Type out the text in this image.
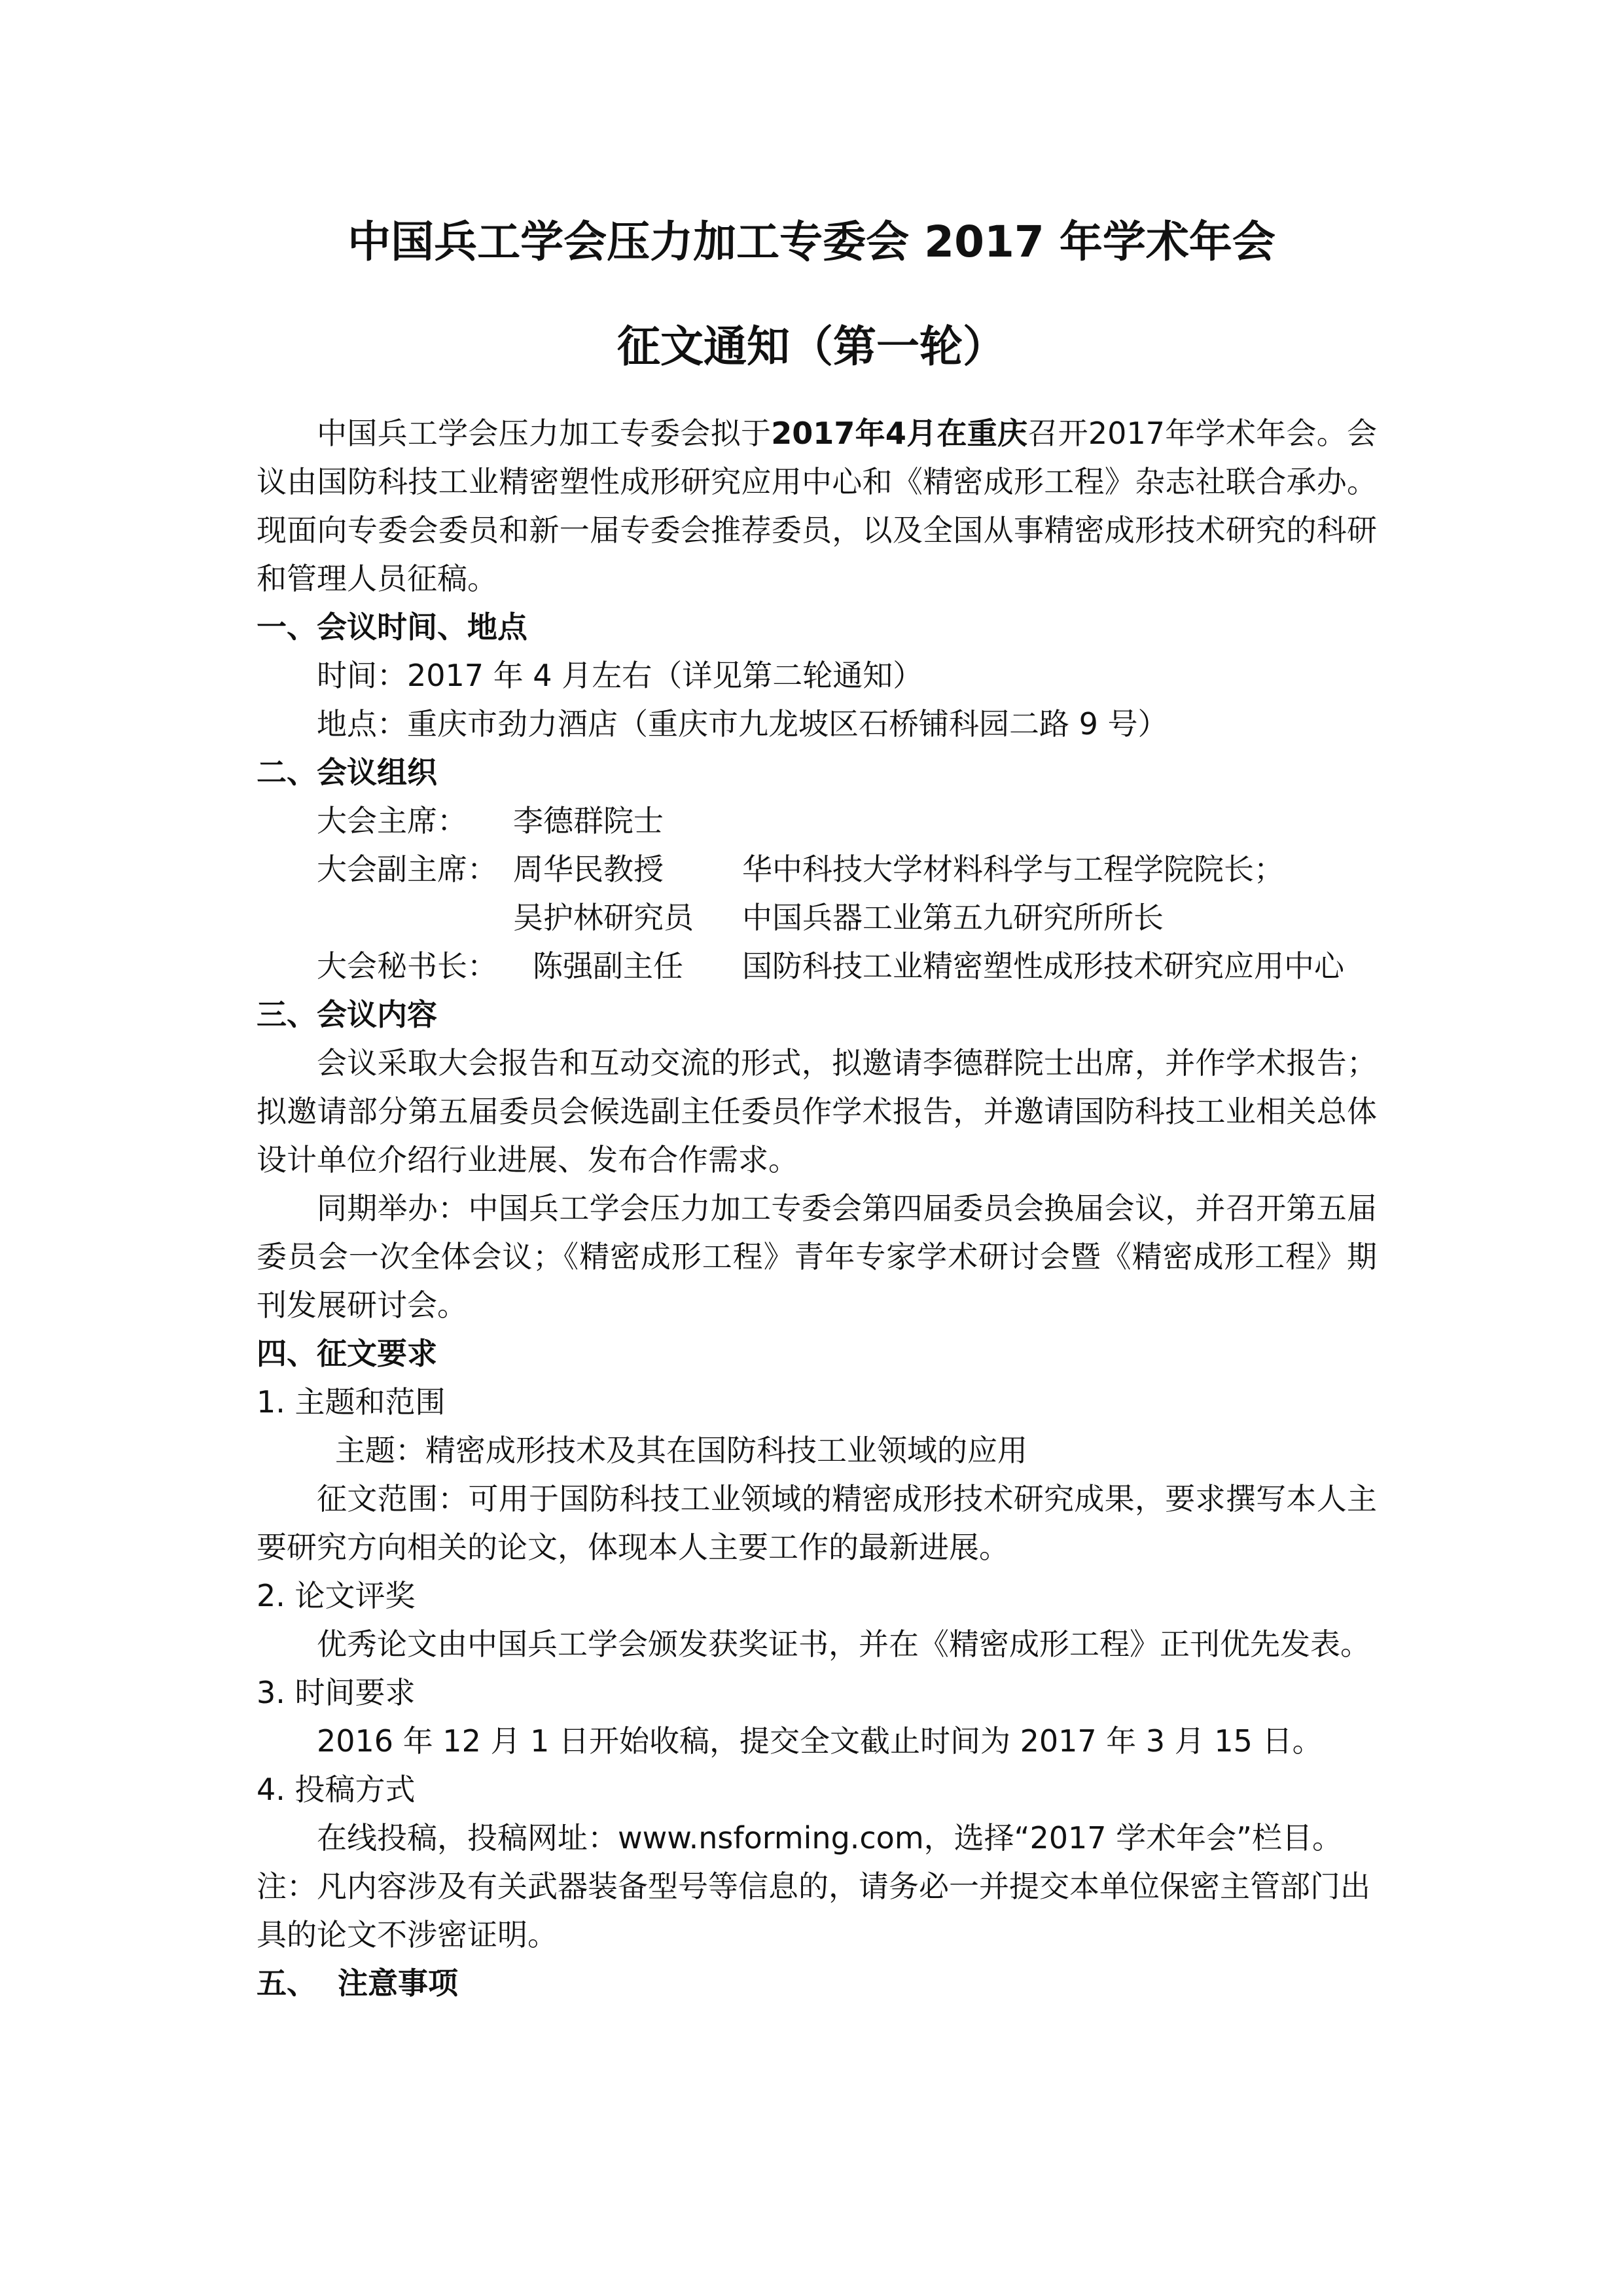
中国兵工学会压力加工专委会 2017 年学术年会
征文通知（第一轮）

中国兵工学会压力加工专委会拟于2017年4月在重庆召开2017年学术年会。会议由国防科技工业精密塑性成形研究应用中心和《精密成形工程》杂志社联合承办。现面向专委会委员和新一届专委会推荐委员，以及全国从事精密成形技术研究的科研和管理人员征稿。

一、会议时间、地点

时间：2017 年 4 月左右（详见第二轮通知）

地点：重庆市劲力酒店（重庆市九龙坡区石桥铺科园二路 9 号）

二、会议组织

大会主席： 李德群院士

大会副主席： 周华民教授	华中科技大学材料科学与工程学院院长；

吴护林研究员 中国兵器工业第五九研究所所长

大会秘书长： 陈强副主任 国防科技工业精密塑性成形技术研究应用中心

三、会议内容

会议采取大会报告和互动交流的形式，拟邀请李德群院士出席，并作学术报告；拟邀请部分第五届委员会候选副主任委员作学术报告，并邀请国防科技工业相关总体设计单位介绍行业进展、发布合作需求。

同期举办：中国兵工学会压力加工专委会第四届委员会换届会议，并召开第五届委员会一次全体会议；《精密成形工程》青年专家学术研讨会暨《精密成形工程》期刊发展研讨会。

四、征文要求

1. 主题和范围

主题：精密成形技术及其在国防科技工业领域的应用

征文范围：可用于国防科技工业领域的精密成形技术研究成果，要求撰写本人主要研究方向相关的论文，体现本人主要工作的最新进展。

2. 论文评奖

优秀论文由中国兵工学会颁发获奖证书，并在《精密成形工程》正刊优先发表。

3. 时间要求

2016 年 12 月 1 日开始收稿，提交全文截止时间为 2017 年 3 月 15 日。

4. 投稿方式

在线投稿，投稿网址：www.nsforming.com，选择“2017 学术年会”栏目。

注：凡内容涉及有关武器装备型号等信息的，请务必一并提交本单位保密主管部门出具的论文不涉密证明。

五、  注意事项
